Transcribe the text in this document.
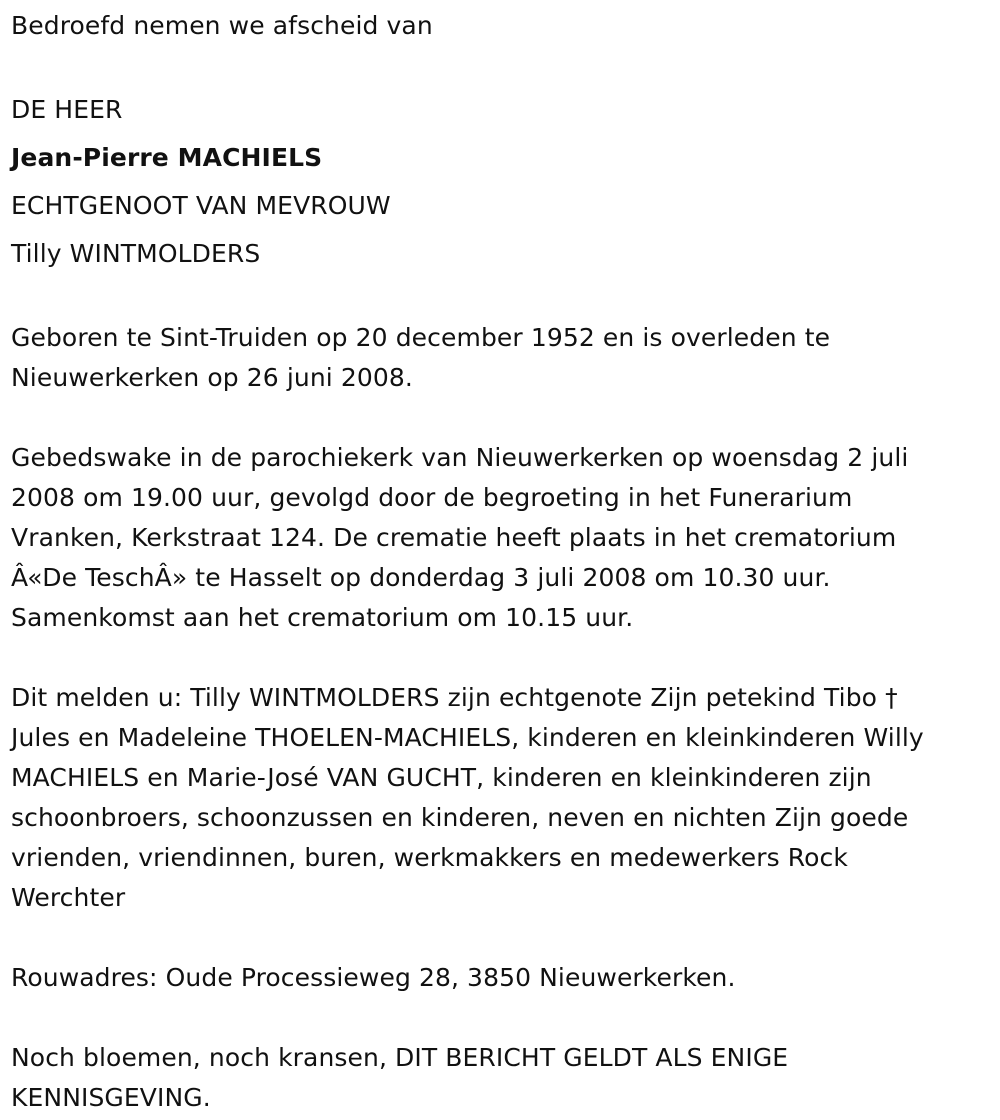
Bedroefd nemen we afscheid van

DE HEER

Jean-Pierre MACHIELS

ECHTGENOOT VAN MEVROUW

Tilly WINTMOLDERS

Geboren te Sint-Truiden op 20 december 1952 en is overleden te
Nieuwerkerken op 26 juni 2008.
Gebedswake in de parochiekerk van Nieuwerkerken op woensdag 2 juli
2008 om 19.00 uur, gevolgd door de begroeting in het Funerarium
Vranken, Kerkstraat 124. De crematie heeft plaats in het crematorium
Â«De TeschÂ» te Hasselt op donderdag 3 juli 2008 om 10.30 uur.
Samenkomst aan het crematorium om 10.15 uur.
Dit melden u: Tilly WINTMOLDERS zijn echtgenote Zijn petekind Tibo †
Jules en Madeleine THOELEN-MACHIELS, kinderen en kleinkinderen Willy
MACHIELS en Marie-José VAN GUCHT, kinderen en kleinkinderen zijn
schoonbroers, schoonzussen en kinderen, neven en nichten Zijn goede
vrienden, vriendinnen, buren, werkmakkers en medewerkers Rock
Werchter

Rouwadres: Oude Processieweg 28, 3850 Nieuwerkerken.

Noch bloemen, noch kransen, DIT BERICHT GELDT ALS ENIGE
KENNISGEVING.
